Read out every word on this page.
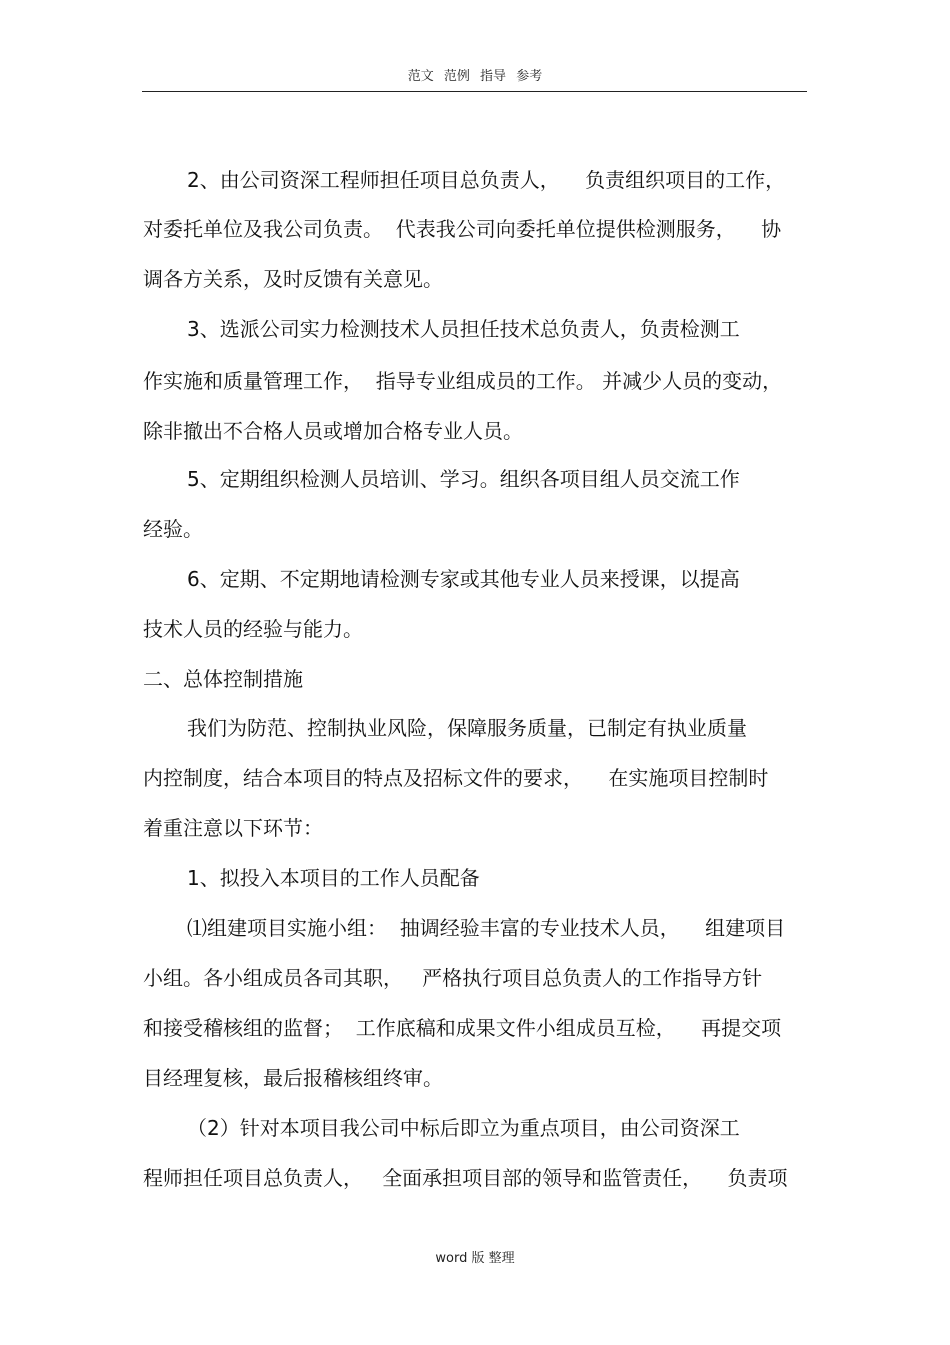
范文 范例 指导 参考
2、由公司资深工程师担任项目总负责人，    负责组织项目的工作，
对委托单位及我公司负责。  代表我公司向委托单位提供检测服务，    协
调各方关系，及时反馈有关意见。
3、选派公司实力检测技术人员担任技术总负责人，负责检测工
作实施和质量管理工作，  指导专业组成员的工作。 并减少人员的变动，
除非撤出不合格人员或增加合格专业人员。
5、定期组织检测人员培训、学习。组织各项目组人员交流工作
经验。
6、定期、不定期地请检测专家或其他专业人员来授课，以提高
技术人员的经验与能力。
二、总体控制措施
我们为防范、控制执业风险，保障服务质量，已制定有执业质量
内控制度，结合本项目的特点及招标文件的要求，    在实施项目控制时
着重注意以下环节：
1、拟投入本项目的工作人员配备
⑴组建项目实施小组：  抽调经验丰富的专业技术人员，    组建项目
小组。各小组成员各司其职，   严格执行项目总负责人的工作指导方针
和接受稽核组的监督；  工作底稿和成果文件小组成员互检，    再提交项
目经理复核，最后报稽核组终审。
（2）针对本项目我公司中标后即立为重点项目，由公司资深工
程师担任项目总负责人，   全面承担项目部的领导和监管责任，    负责项
word 版 整理
